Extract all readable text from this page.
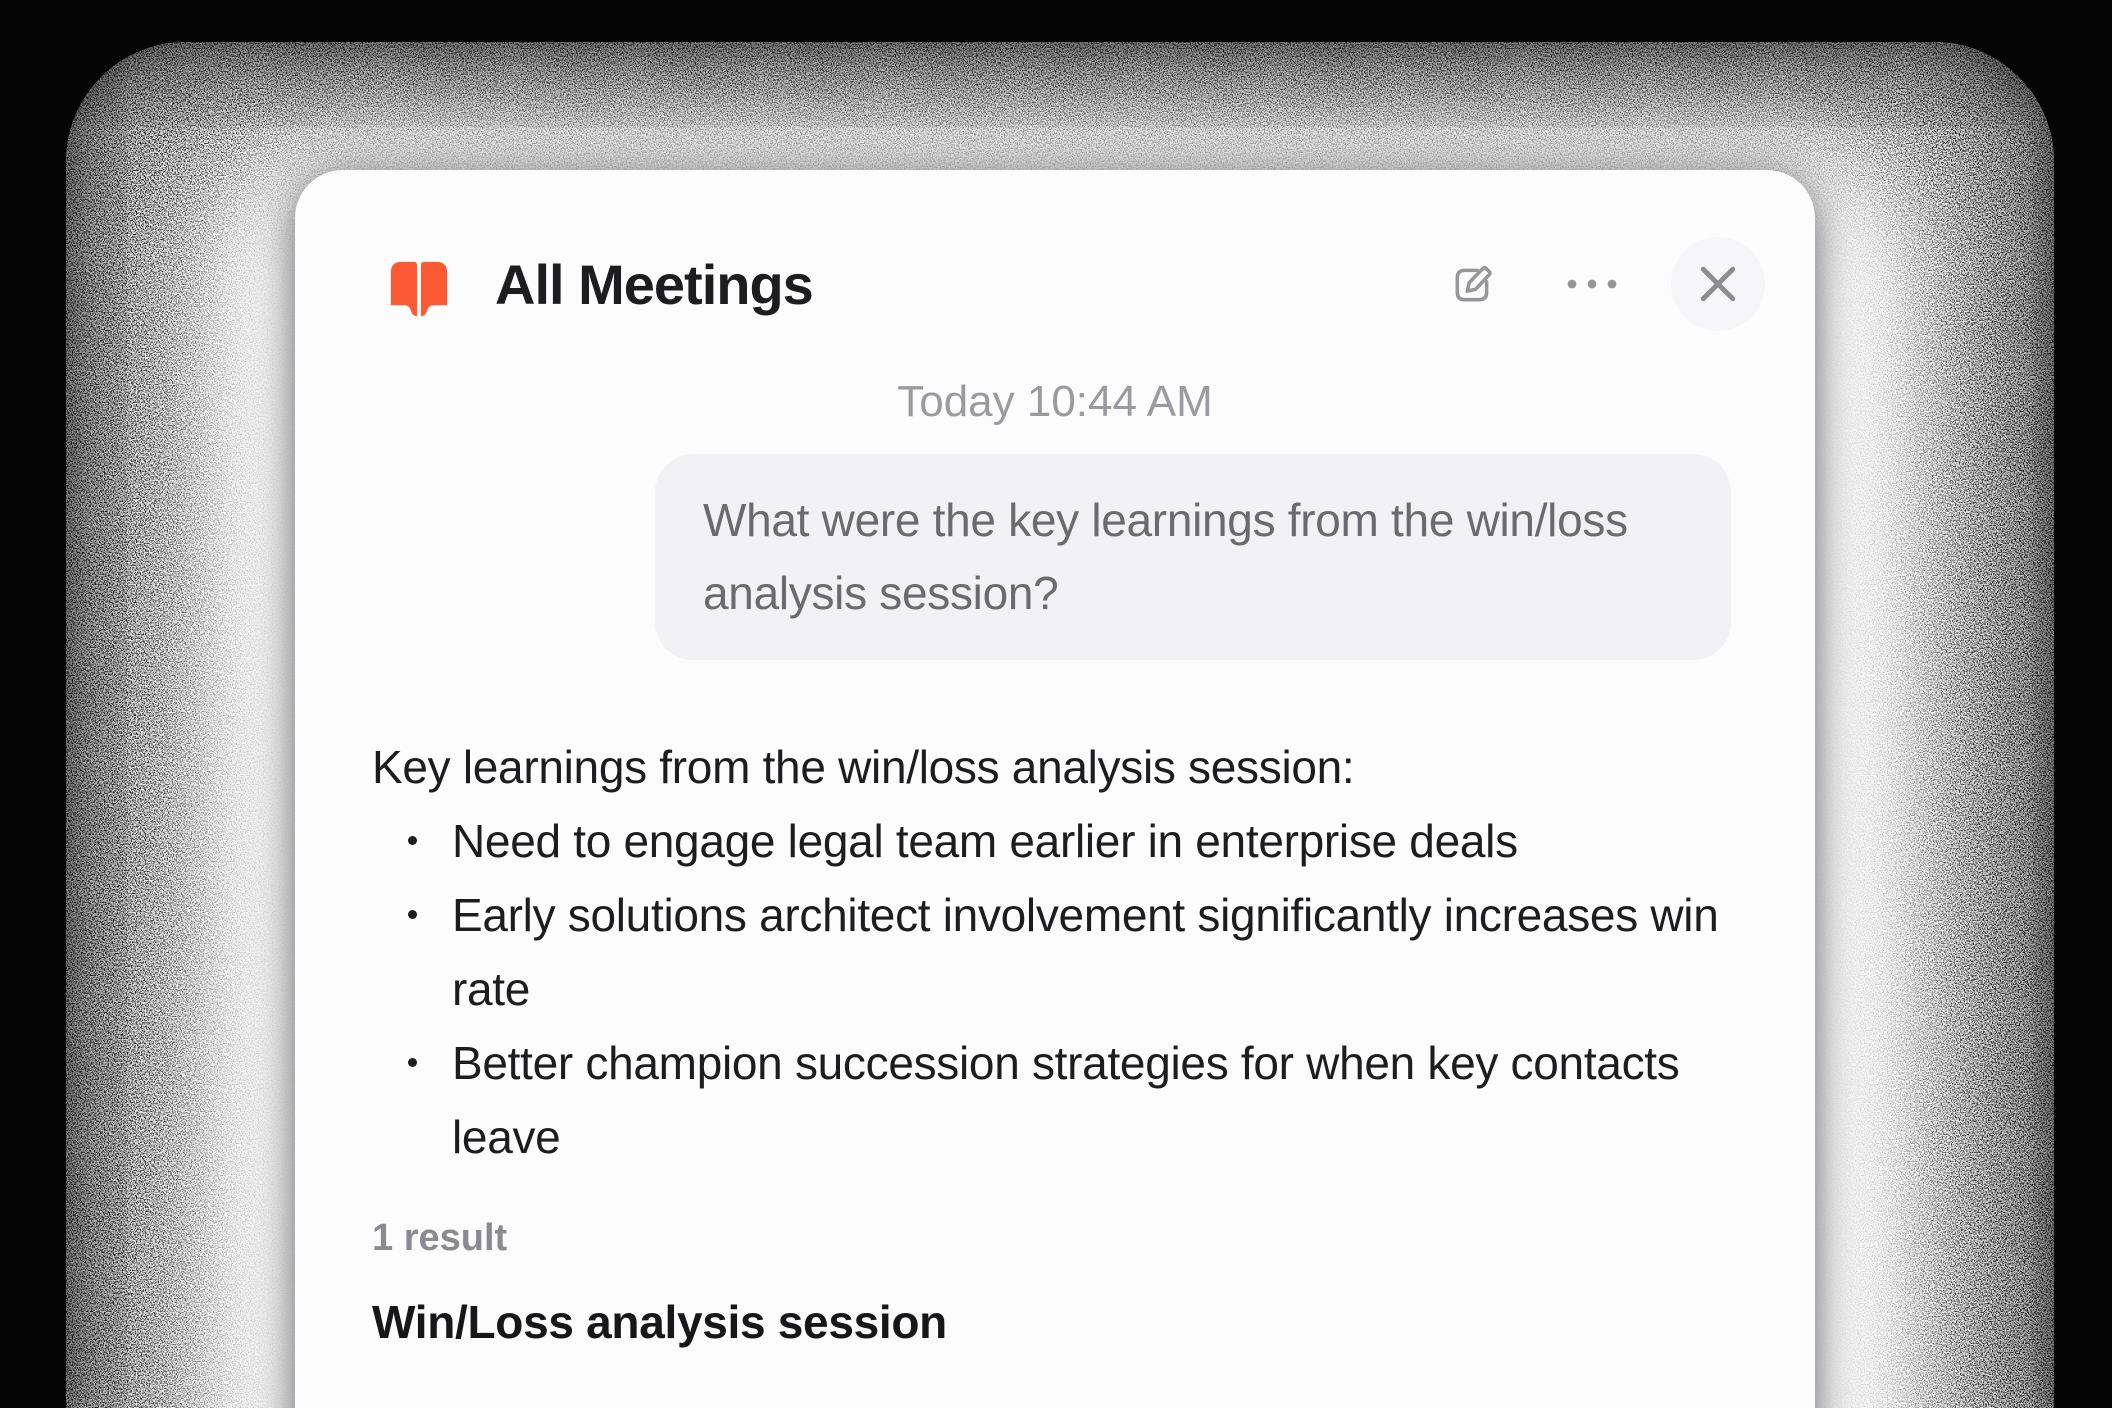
All Meetings
Today 10:44 AM
What were the key learnings from the win/loss analysis session?
Key learnings from the win/loss analysis session:
Need to engage legal team earlier in enterprise deals
Early solutions architect involvement significantly increases win rate
Better champion succession strategies for when key contacts leave
1 result
Win/Loss analysis session
